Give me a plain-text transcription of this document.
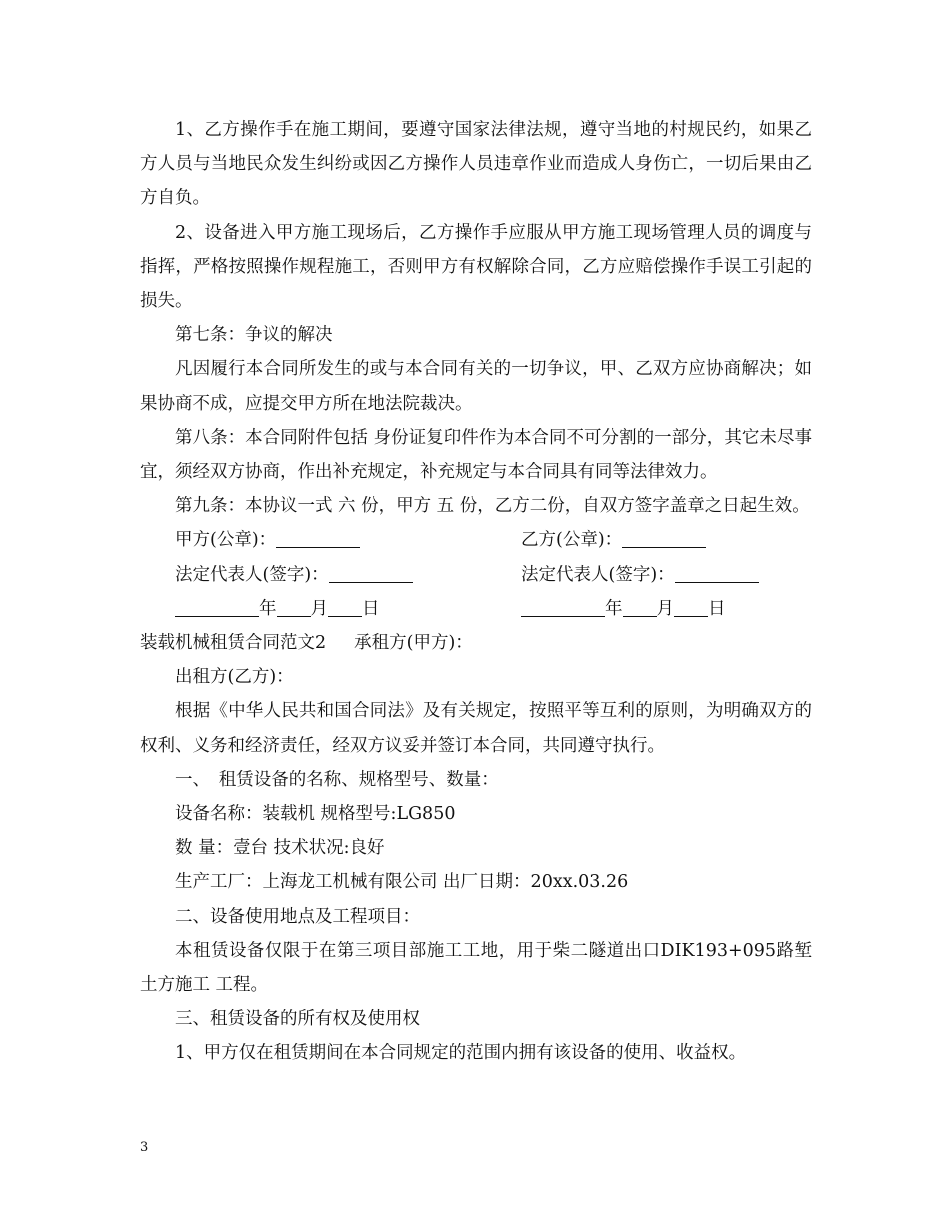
1、乙方操作手在施工期间，要遵守国家法律法规，遵守当地的村规民约，如果乙 方人员与当地民众发生纠纷或因乙方操作人员违章作业而造成人身伤亡，一切后果由乙方自负。

2、设备进入甲方施工现场后，乙方操作手应服从甲方施工现场管理人员的调度与 指挥，严格按照操作规程施工，否则甲方有权解除合同，乙方应赔偿操作手误工引起的损失。

第七条：争议的解决

凡因履行本合同所发生的或与本合同有关的一切争议，甲、乙双方应协商解决；如果协商不成，应提交甲方所在地法院裁决。

第八条：本合同附件包括 身份证复印件作为本合同不可分割的一部分，其它未尽事宜，须经双方协商，作出补充规定，补充规定与本合同具有同等法律效力。

第九条：本协议一式 六 份，甲方 五 份，乙方二份，自双方签字盖章之日起生效。

甲方(公章)：	乙方(公章)：
法定代表人(签字)：	法定代表人(签字)：
年 月 日	年 月 日
装载机械租赁合同范文2 承租方(甲方)：

出租方(乙方)：

根据《中华人民共和国合同法》及有关规定，按照平等互利的原则，为明确双方的权利、义务和经济责任，经双方议妥并签订本合同，共同遵守执行。

一、　租赁设备的名称、规格型号、数量：

设备名称：装载机 规格型号:LG850

数 量：壹台 技术状况:良好

生产工厂：上海龙工机械有限公司 出厂日期：20xx.03.26

二、设备使用地点及工程项目：

本租赁设备仅限于在第三项目部施工工地，用于柴二隧道出口DIK193+095路堑土方施工 工程。

三、租赁设备的所有权及使用权

1、甲方仅在租赁期间在本合同规定的范围内拥有该设备的使用、收益权。

3
